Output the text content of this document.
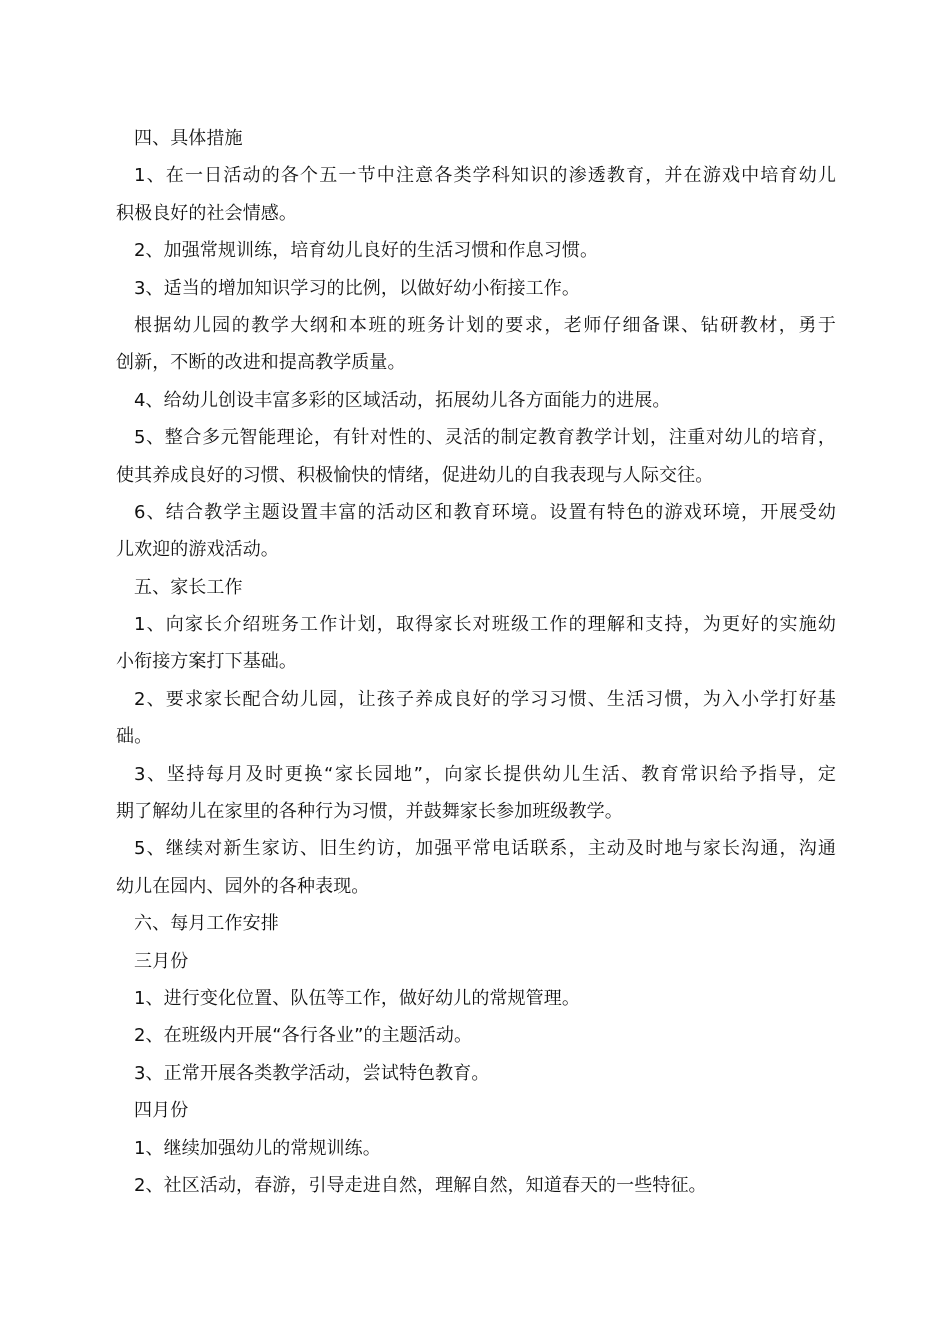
四、具体措施
1、在一日活动的各个五一节中注意各类学科知识的渗透教育，并在游戏中培育幼儿
积极良好的社会情感。
2、加强常规训练，培育幼儿良好的生活习惯和作息习惯。
3、适当的增加知识学习的比例，以做好幼小衔接工作。
根据幼儿园的教学大纲和本班的班务计划的要求，老师仔细备课、钻研教材，勇于
创新，不断的改进和提高教学质量。
4、给幼儿创设丰富多彩的区域活动，拓展幼儿各方面能力的进展。
5、整合多元智能理论，有针对性的、灵活的制定教育教学计划，注重对幼儿的培育，
使其养成良好的习惯、积极愉快的情绪，促进幼儿的自我表现与人际交往。
6、结合教学主题设置丰富的活动区和教育环境。设置有特色的游戏环境，开展受幼
儿欢迎的游戏活动。
五、家长工作
1、向家长介绍班务工作计划，取得家长对班级工作的理解和支持，为更好的实施幼
小衔接方案打下基础。
2、要求家长配合幼儿园，让孩子养成良好的学习习惯、生活习惯，为入小学打好基
础。
3、坚持每月及时更换“家长园地”，向家长提供幼儿生活、教育常识给予指导，定
期了解幼儿在家里的各种行为习惯，并鼓舞家长参加班级教学。
5、继续对新生家访、旧生约访，加强平常电话联系，主动及时地与家长沟通，沟通
幼儿在园内、园外的各种表现。
六、每月工作安排
三月份
1、进行变化位置、队伍等工作，做好幼儿的常规管理。
2、在班级内开展“各行各业”的主题活动。
3、正常开展各类教学活动，尝试特色教育。
四月份
1、继续加强幼儿的常规训练。
2、社区活动，春游，引导走进自然，理解自然，知道春天的一些特征。
